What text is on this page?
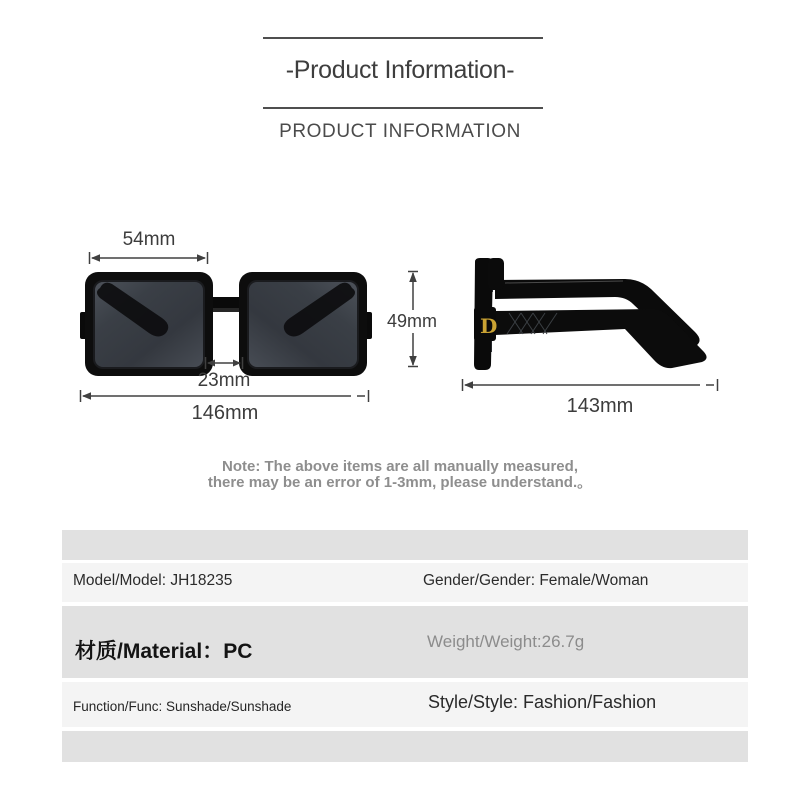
-Product Information-
PRODUCT INFORMATION
D
54mm
23mm
146mm
49mm
143mm
Note: The above items are all manually measured,
there may be an error of 1-3mm, please understand.。
Model/Model: JH18235	Gender/Gender: Female/Woman
材质/Material：PC	Weight/Weight:26.7g
Function/Func: Sunshade/Sunshade	Style/Style: Fashion/Fashion
